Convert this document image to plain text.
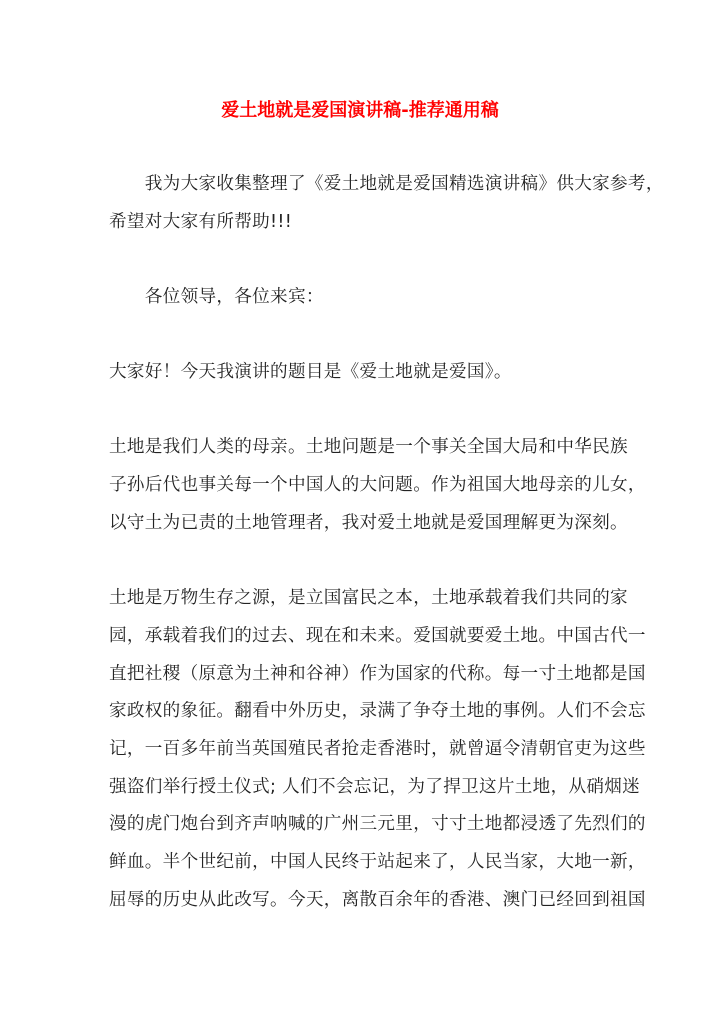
爱土地就是爱国演讲稿-推荐通用稿
　　我为大家收集整理了《爱土地就是爱国精选演讲稿》供大家参考，
希望对大家有所帮助!!!
　　各位领导，各位来宾：
大家好！今天我演讲的题目是《爱土地就是爱国》。
土地是我们人类的母亲。土地问题是一个事关全国大局和中华民族
子孙后代也事关每一个中国人的大问题。作为祖国大地母亲的儿女，
以守土为已责的土地管理者，我对爱土地就是爱国理解更为深刻。
土地是万物生存之源，是立国富民之本，土地承载着我们共同的家
园，承载着我们的过去、现在和未来。爱国就要爱土地。中国古代一
直把社稷（原意为土神和谷神）作为国家的代称。每一寸土地都是国
家政权的象征。翻看中外历史，录满了争夺土地的事例。人们不会忘
记，一百多年前当英国殖民者抢走香港时，就曾逼令清朝官吏为这些
强盗们举行授土仪式; 人们不会忘记，为了捍卫这片土地，从硝烟迷
漫的虎门炮台到齐声呐喊的广州三元里，寸寸土地都浸透了先烈们的
鲜血。半个世纪前，中国人民终于站起来了，人民当家，大地一新，
屈辱的历史从此改写。今天，离散百余年的香港、澳门已经回到祖国
